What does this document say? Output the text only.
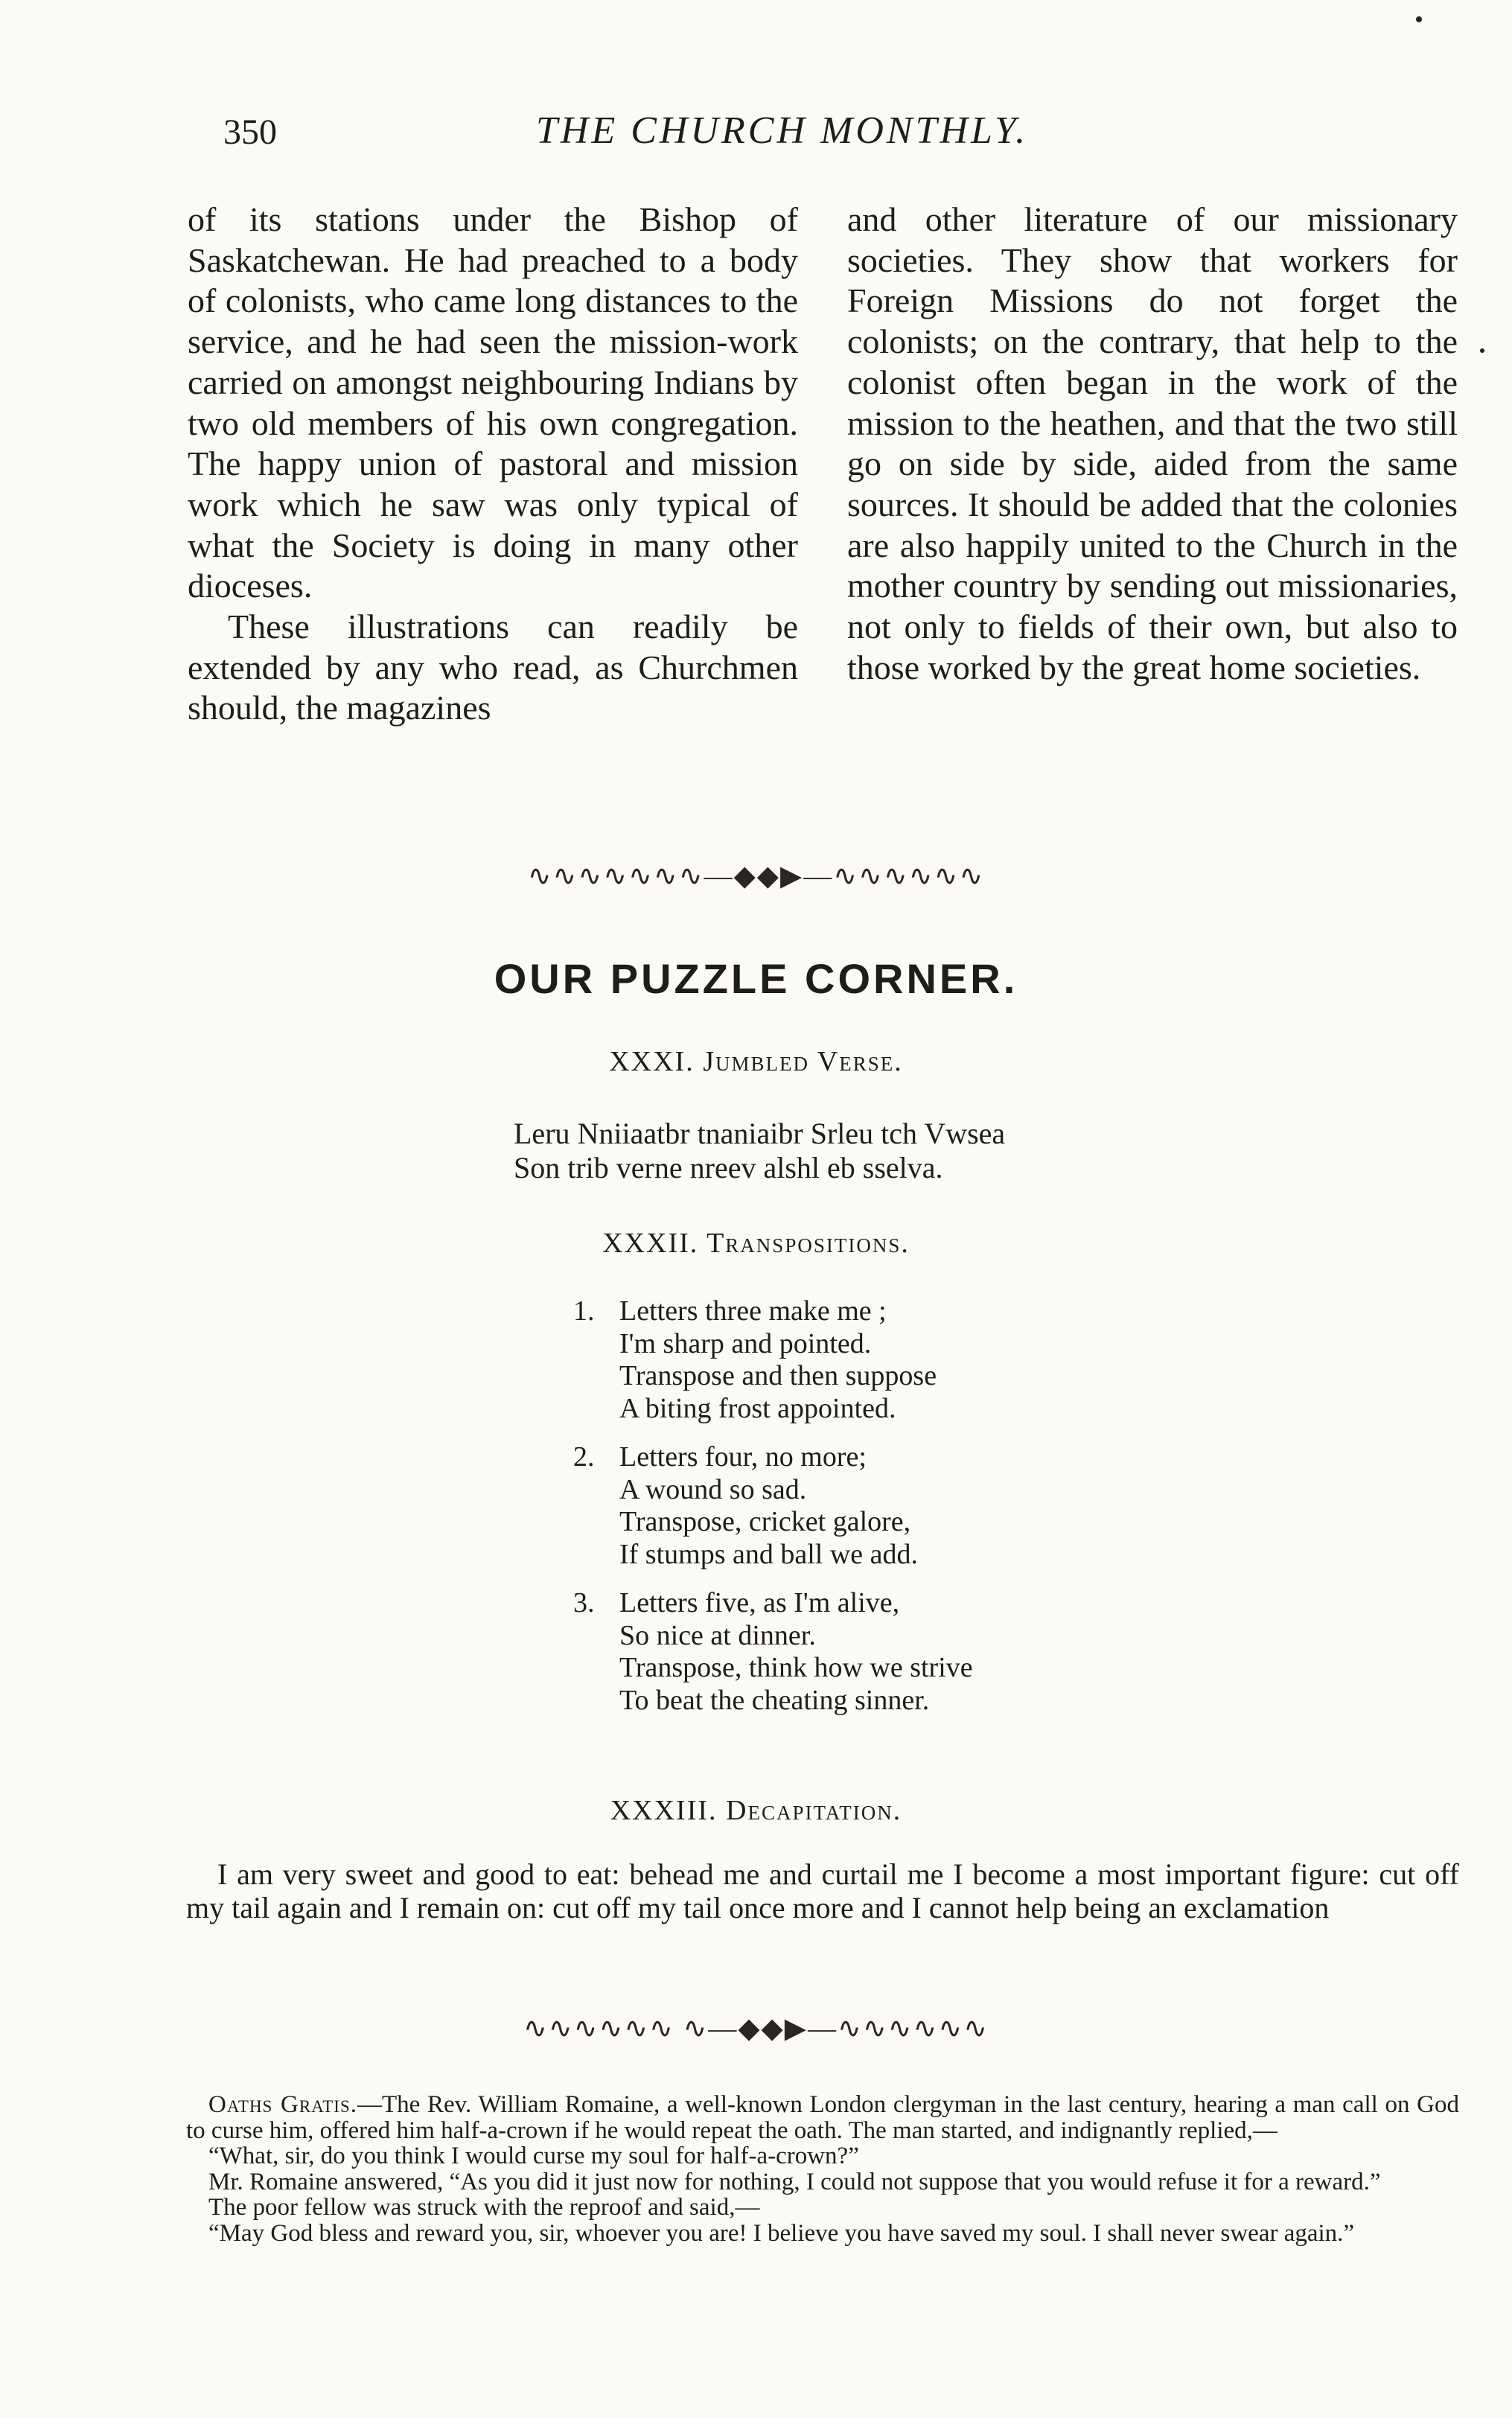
350	THE CHURCH MONTHLY.

of its stations under the Bishop of Saskatchewan. He had preached to a body of colonists, who came long distances to the service, and he had seen the mission-work carried on amongst neighbouring Indians by two old members of his own congregation. The happy union of pastoral and mission work which he saw was only typical of what the Society is doing in many other dioceses.

These illustrations can readily be extended by any who read, as Churchmen should, the magazines

and other literature of our missionary societies. They show that workers for Foreign Missions do not forget the colonists; on the contrary, that help to the colonist often began in the work of the mission to the heathen, and that the two still go on side by side, aided from the same sources. It should be added that the colonies are also happily united to the Church in the mother country by sending out missionaries, not only to fields of their own, but also to those worked by the great home societies.

∿∿∿∿∿∿∿—◆◆▶—∿∿∿∿∿∿
OUR PUZZLE CORNER.
XXXI. Jumbled Verse.
Leru Nniiaatbr tnaniaibr Srleu tch Vwsea
Son trib verne nreev alshl eb sselva.
XXXII. Transpositions.
1. Letters three make me ;
I'm sharp and pointed.
Transpose and then suppose
A biting frost appointed.
2. Letters four, no more;
A wound so sad.
Transpose, cricket galore,
If stumps and ball we add.
3. Letters five, as I'm alive,
So nice at dinner.
Transpose, think how we strive
To beat the cheating sinner.
XXXIII. Decapitation.
I am very sweet and good to eat: behead me and curtail me I become a most important figure: cut off my tail again and I remain on: cut off my tail once more and I cannot help being an exclamation
∿∿∿∿∿∿ ∿—◆◆▶—∿∿∿∿∿∿

Oaths Gratis.—The Rev. William Romaine, a well-known London clergyman in the last century, hearing a man call on God to curse him, offered him half-a-crown if he would repeat the oath. The man started, and indignantly replied,—

“What, sir, do you think I would curse my soul for half-a-crown?”

Mr. Romaine answered, “As you did it just now for nothing, I could not suppose that you would refuse it for a reward.”

The poor fellow was struck with the reproof and said,—

“May God bless and reward you, sir, whoever you are! I believe you have saved my soul. I shall never swear again.”
